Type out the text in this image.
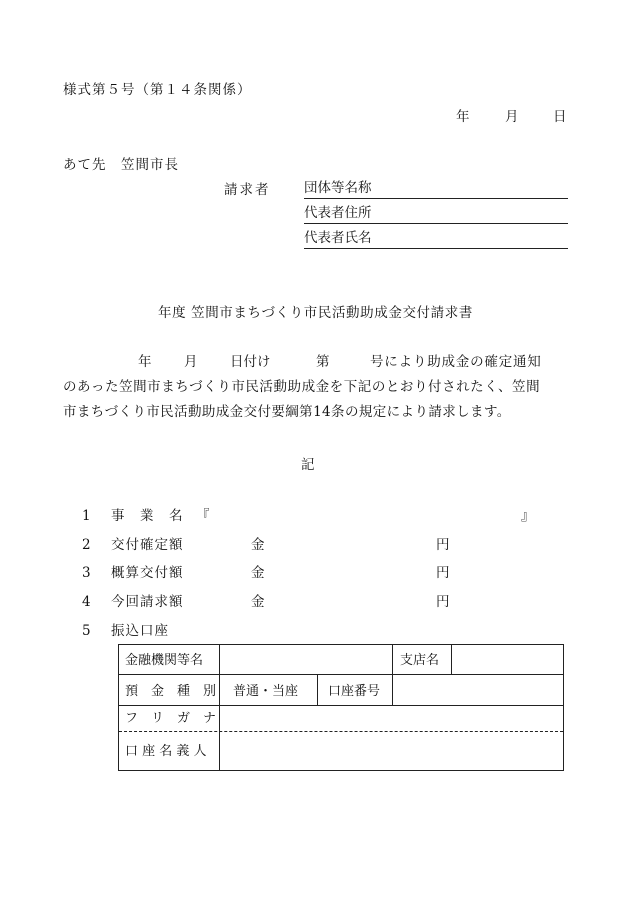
様式第５号（第１４条関係）
年	月	日
あて先　笠間市長
請求者 団体等名称
代表者住所
代表者氏名
年度 笠間市まちづくり市民活動助成金交付請求書
年 月 日付け	第	号により助成金の確定通知
のあった笠間市まちづくり市民活動助成金を下記のとおり付されたく、笠間
市まちづくり市民活動助成金交付要綱第14条の規定により請求します。
記
1 事 業 名 『	』
2 交付確定額	金	円
3 概算交付額	金	円
4 今回請求額	金	円
5 振込口座
金融機関等名	支店名
預　金　種　別 普通・当座 口座番号
フ　リ　ガ　ナ
口 座 名 義 人
